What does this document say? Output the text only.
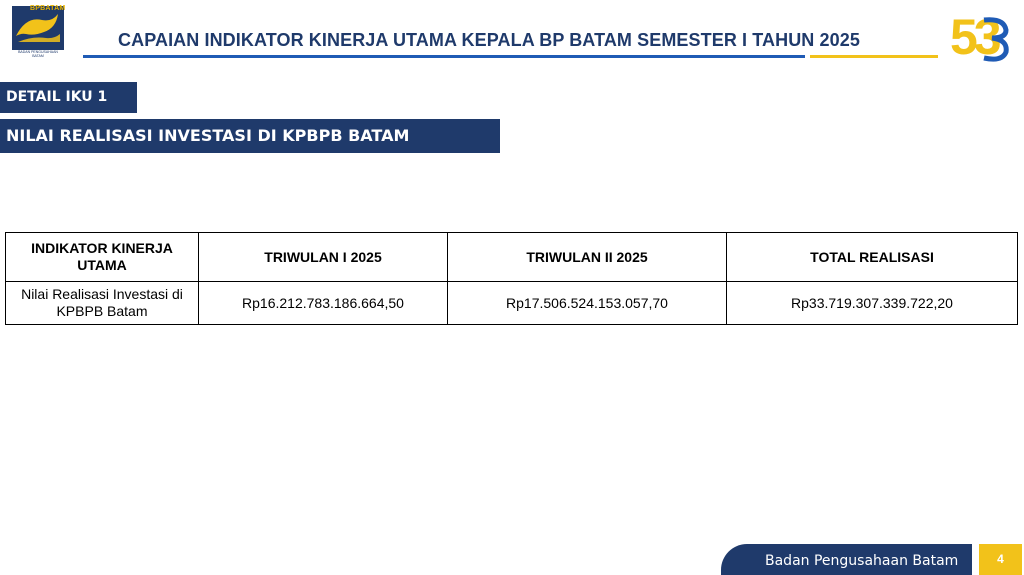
BPBATAM
BADAN PENGUSAHAAN BATAM
CAPAIAN INDIKATOR KINERJA UTAMA KEPALA BP BATAM SEMESTER I TAHUN 2025 53
DETAIL IKU 1
NILAI REALISASI INVESTASI DI KPBPB BATAM
INDIKATOR KINERJA UTAMA	TRIWULAN I 2025	TRIWULAN II 2025	TOTAL REALISASI
Nilai Realisasi Investasi di KPBPB Batam	Rp16.212.783.186.664,50	Rp17.506.524.153.057,70	Rp33.719.307.339.722,20
Badan Pengusahaan Batam	4
